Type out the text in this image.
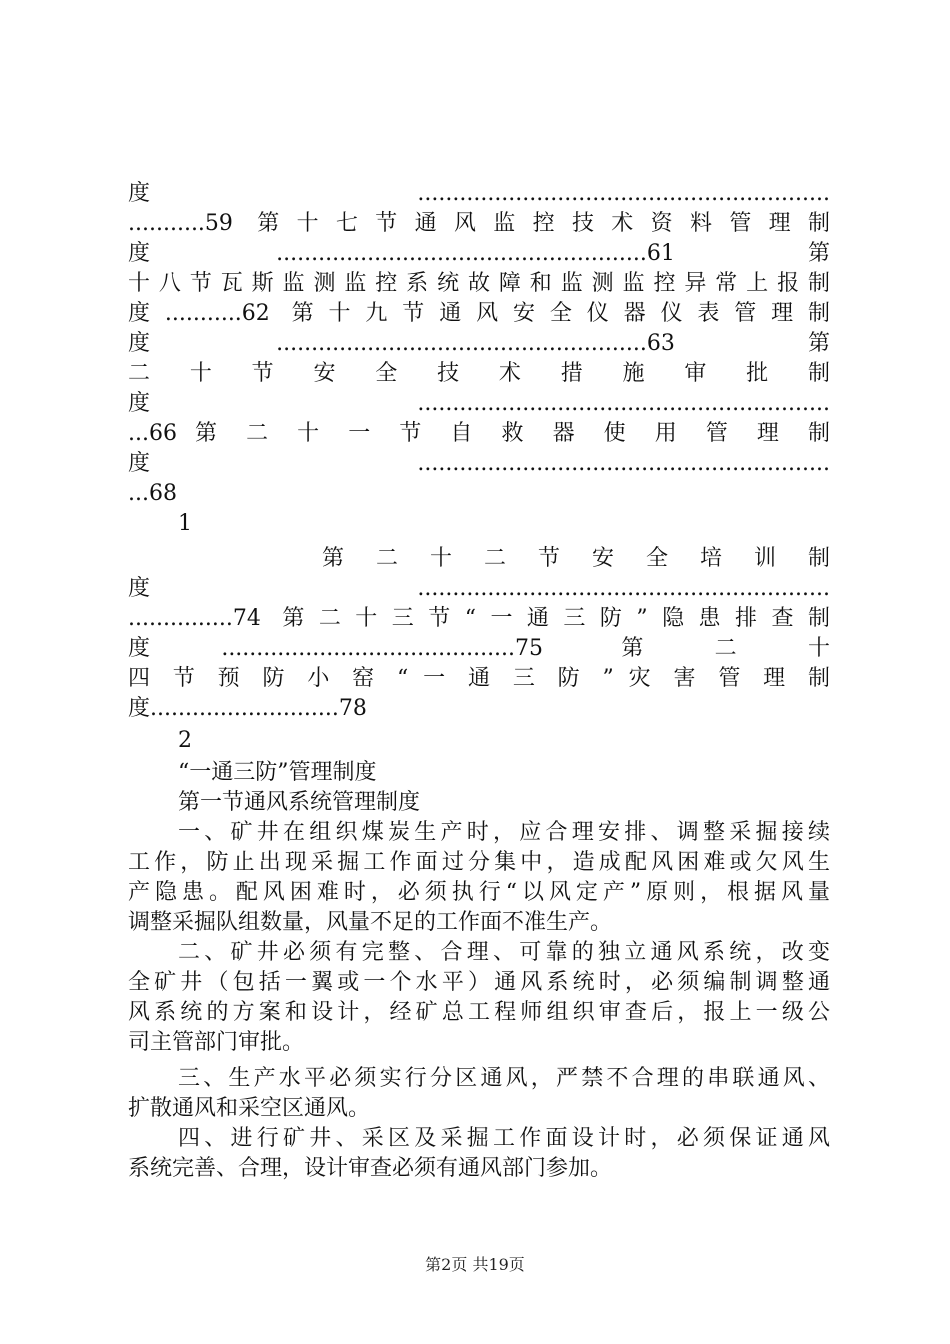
度...........................................................
...........59 第十七节通风监控技术资料管理制
度.....................................................61 第
十八节瓦斯监测监控系统故障和监测监控异常上报制
度...........62 第十九节通风安全仪器仪表管理制
度.....................................................63 第
二 十 节 安 全 技 术 措 施 审 批 制
度...........................................................
...66 第 二 十 一 节 自 救 器 使 用 管 理 制
度...........................................................
...68
1
第 二 十 二 节 安 全 培 训 制
度...........................................................
...............74 第二十三节“一通三防”隐患排查制
度..........................................75 第二十
四 节 预 防 小 窑 “ 一 通 三 防 ” 灾 害 管 理 制
度...........................78
2
“一通三防”管理制度
第一节通风系统管理制度
一、矿井在组织煤炭生产时，应合理安排、调整采掘接续
工作，防止出现采掘工作面过分集中，造成配风困难或欠风生
产隐患。配风困难时，必须执行“以风定产”原则，根据风量
调整采掘队组数量，风量不足的工作面不准生产。
二、矿井必须有完整、合理、可靠的独立通风系统，改变
全矿井（包括一翼或一个水平）通风系统时，必须编制调整通
风系统的方案和设计，经矿总工程师组织审查后，报上一级公
司主管部门审批。
三、生产水平必须实行分区通风，严禁不合理的串联通风、
扩散通风和采空区通风。
四、进行矿井、采区及采掘工作面设计时，必须保证通风
系统完善、合理，设计审查必须有通风部门参加。
第2页 共19页
